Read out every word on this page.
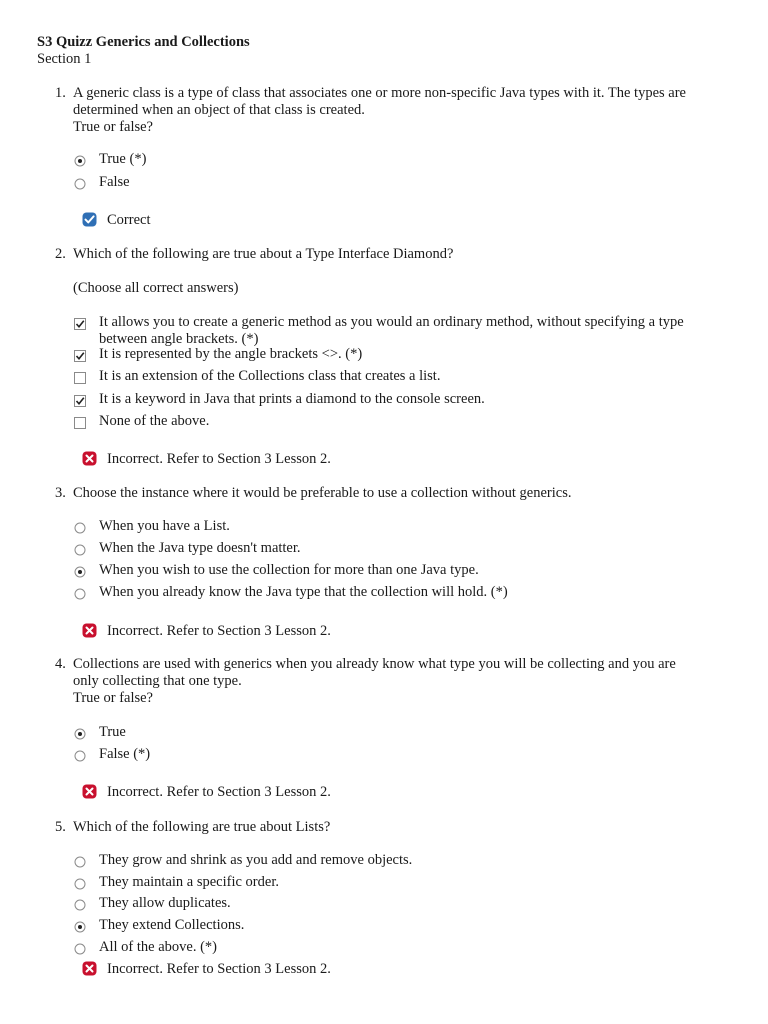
S3 Quizz Generics and Collections
Section 1
1. A generic class is a type of class that associates one or more non-specific Java types with it. The types are determined when an object of that class is created.
True or false?
True (*)
False
Correct
2. Which of the following are true about a Type Interface Diamond?
(Choose all correct answers)
It allows you to create a generic method as you would an ordinary method, without specifying a type between angle brackets. (*)
It is represented by the angle brackets <>. (*)
It is an extension of the Collections class that creates a list.
It is a keyword in Java that prints a diamond to the console screen.
None of the above.
Incorrect. Refer to Section 3 Lesson 2.
3. Choose the instance where it would be preferable to use a collection without generics.
When you have a List.
When the Java type doesn't matter.
When you wish to use the collection for more than one Java type.
When you already know the Java type that the collection will hold. (*)
Incorrect. Refer to Section 3 Lesson 2.
4. Collections are used with generics when you already know what type you will be collecting and you are only collecting that one type.
True or false?
True
False (*)
Incorrect. Refer to Section 3 Lesson 2.
5. Which of the following are true about Lists?
They grow and shrink as you add and remove objects.
They maintain a specific order.
They allow duplicates.
They extend Collections.
All of the above. (*)
Incorrect. Refer to Section 3 Lesson 2.
